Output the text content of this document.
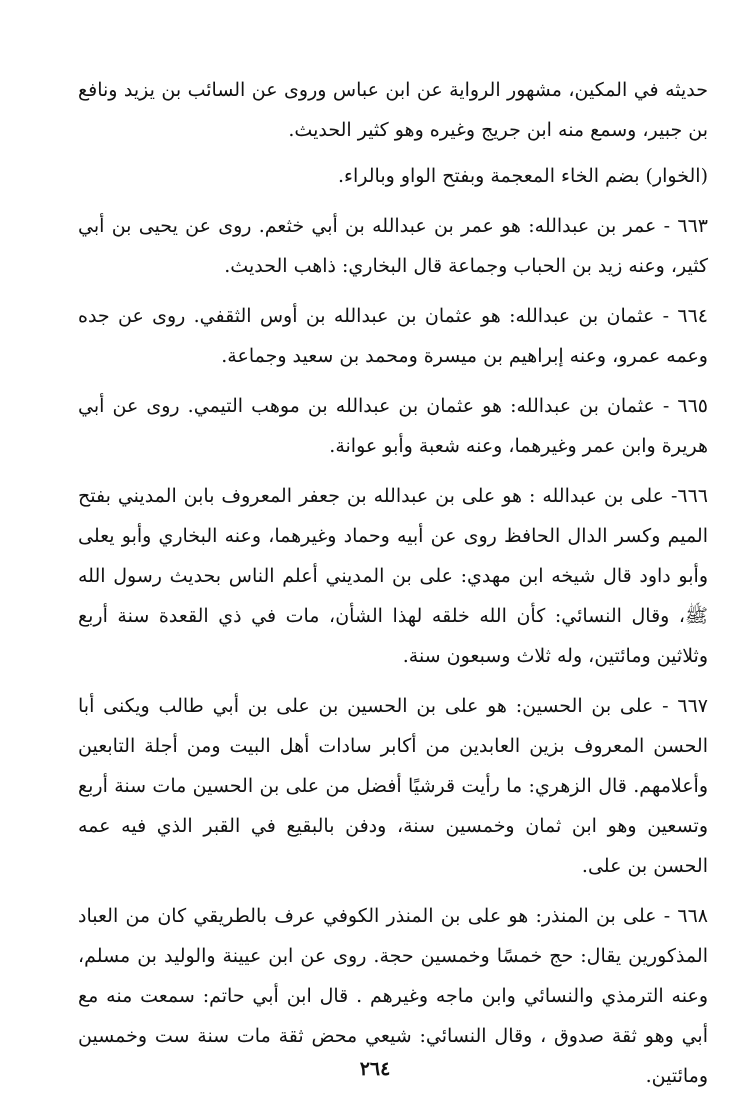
حديثه في المكين، مشهور الرواية عن ابن عباس وروى عن السائب بن يزيد ونافع بن جبير، وسمع منه ابن جريج وغيره وهو كثير الحديث.

(الخوار) بضم الخاء المعجمة وبفتح الواو وبالراء.

٦٦٣ - عمر بن عبدالله: هو عمر بن عبدالله بن أبي خثعم. روى عن يحيى بن أبي كثير، وعنه زيد بن الحباب وجماعة قال البخاري: ذاهب الحديث.

٦٦٤ - عثمان بن عبدالله: هو عثمان بن عبدالله بن أوس الثقفي. روى عن جده وعمه عمرو، وعنه إبراهيم بن ميسرة ومحمد بن سعيد وجماعة.

٦٦٥ - عثمان بن عبدالله: هو عثمان بن عبدالله بن موهب التيمي. روى عن أبي هريرة وابن عمر وغيرهما، وعنه شعبة وأبو عوانة.

٦٦٦- على بن عبدالله : هو على بن عبدالله بن جعفر المعروف بابن المديني بفتح الميم وكسر الدال الحافظ روى عن أبيه وحماد وغيرهما، وعنه البخاري وأبو يعلى وأبو داود قال شيخه ابن مهدي: على بن المديني أعلم الناس بحديث رسول الله ﷺ، وقال النسائي: كأن الله خلقه لهذا الشأن، مات في ذي القعدة سنة أربع وثلاثين ومائتين، وله ثلاث وسبعون سنة.

٦٦٧ - على بن الحسين: هو على بن الحسين بن على بن أبي طالب ويكنى أبا الحسن المعروف بزين العابدين من أكابر سادات أهل البيت ومن أجلة التابعين وأعلامهم. قال الزهري: ما رأيت قرشيًا أفضل من على بن الحسين مات سنة أربع وتسعين وهو ابن ثمان وخمسين سنة، ودفن بالبقيع في القبر الذي فيه عمه الحسن بن على.

٦٦٨ - على بن المنذر: هو على بن المنذر الكوفي عرف بالطريقي كان من العباد المذكورين يقال: حج خمسًا وخمسين حجة. روى عن ابن عيينة والوليد بن مسلم، وعنه الترمذي والنسائي وابن ماجه وغيرهم . قال ابن أبي حاتم: سمعت منه مع أبي وهو ثقة صدوق ، وقال النسائي: شيعي محض ثقة مات سنة ست وخمسين ومائتين.

٢٦٤
